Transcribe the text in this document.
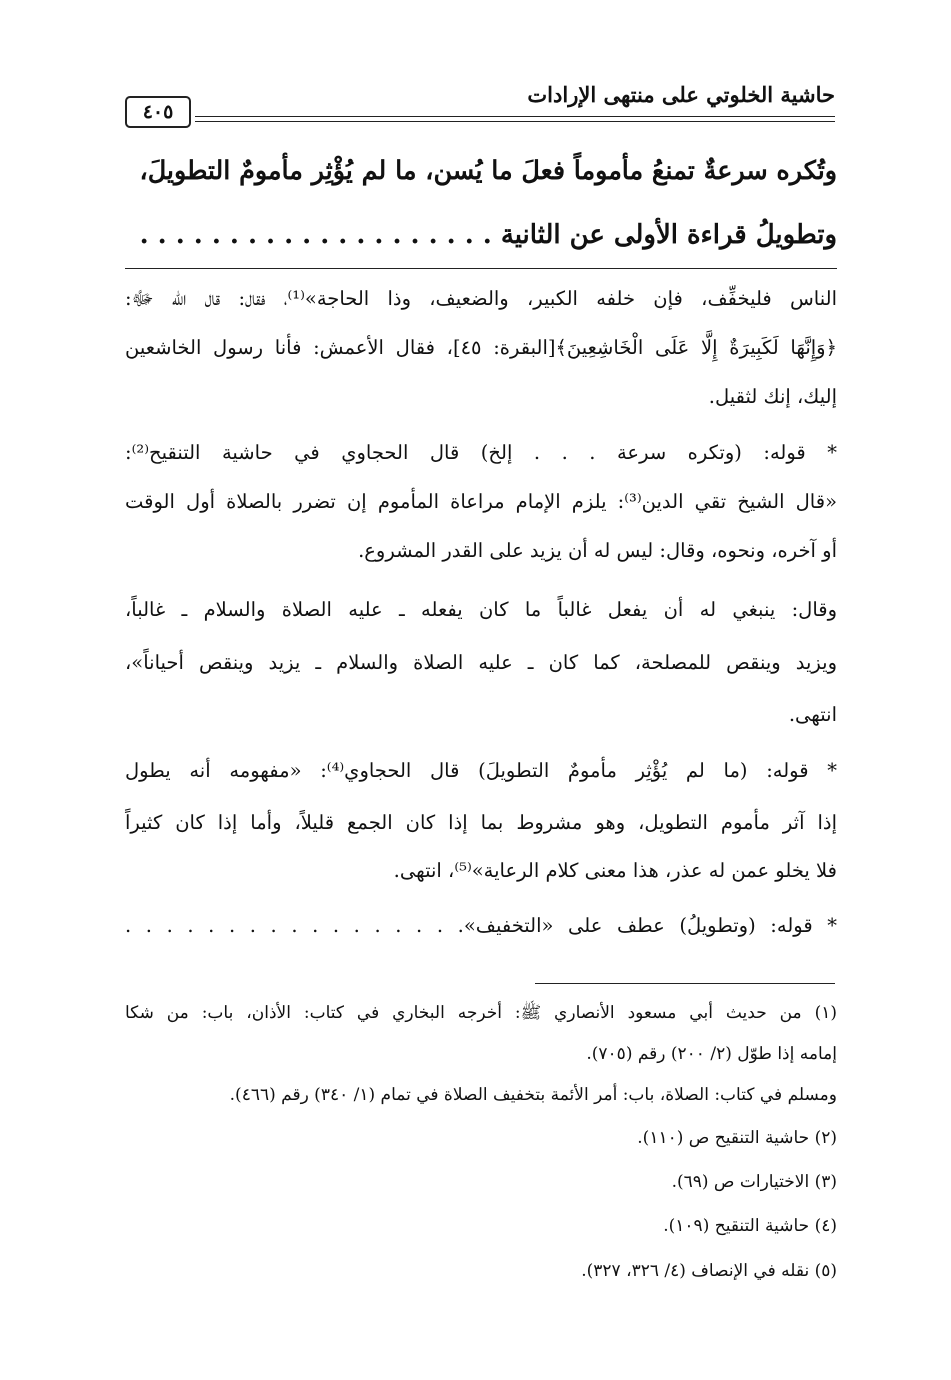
حاشية الخلوتي على منتهى الإرادات
٤٠٥
وتُكره سرعةٌ تمنعُ مأموماً فعلَ ما يُسن، ما لم يُؤْثِر مأمومٌ التطويلَ،
وتطويلُ قراءة الأولى عن الثانية . . . . . . . . . . . . . . . . . . . .
الناس فليخفِّف، فإن خلفه الكبير، والضعيف، وذا الحاجة»⁽¹⁾، فقال: قال الله ﷻ:
﴿وَإِنَّهَا لَكَبِيرَةٌ إِلَّا عَلَى الْخَاشِعِينَ﴾[البقرة: ٤٥]، فقال الأعمش: فأنا رسول الخاشعين
إليك، إنك لثقيل.
* قوله: (وتكره سرعة . . . إلخ) قال الحجاوي في حاشية التنقيح⁽²⁾:
«قال الشيخ تقي الدين⁽³⁾: يلزم الإمام مراعاة المأموم إن تضرر بالصلاة أول الوقت
أو آخره، ونحوه، وقال: ليس له أن يزيد على القدر المشروع.
وقال: ينبغي له أن يفعل غالباً ما كان يفعله ـ عليه الصلاة والسلام ـ غالباً،
ويزيد وينقص للمصلحة، كما كان ـ عليه الصلاة والسلام ـ يزيد وينقص أحياناً»،
انتهى.
* قوله: (ما لم يُؤْثِر مأمومٌ التطويلَ) قال الحجاوي⁽⁴⁾: «مفهومه أنه يطول
إذا آثر مأموم التطويل، وهو مشروط بما إذا كان الجمع قليلاً، وأما إذا كان كثيراً
فلا يخلو عمن له عذر، هذا معنى كلام الرعاية»⁽⁵⁾، انتهى.
* قوله: (وتطويلُ) عطف على «التخفيف». . . . . . . . . . . . . . . . .
(١) من حديث أبي مسعود الأنصاري ﷺ: أخرجه البخاري في كتاب: الأذان، باب: من شكا
إمامه إذا طوّل (٢/ ٢٠٠) رقم (٧٠٥).
ومسلم في كتاب: الصلاة، باب: أمر الأئمة بتخفيف الصلاة في تمام (١/ ٣٤٠) رقم (٤٦٦).
(٢) حاشية التنقيح ص (١١٠).
(٣) الاختيارات ص (٦٩).
(٤) حاشية التنقيح (١٠٩).
(٥) نقله في الإنصاف (٤/ ٣٢٦، ٣٢٧).
